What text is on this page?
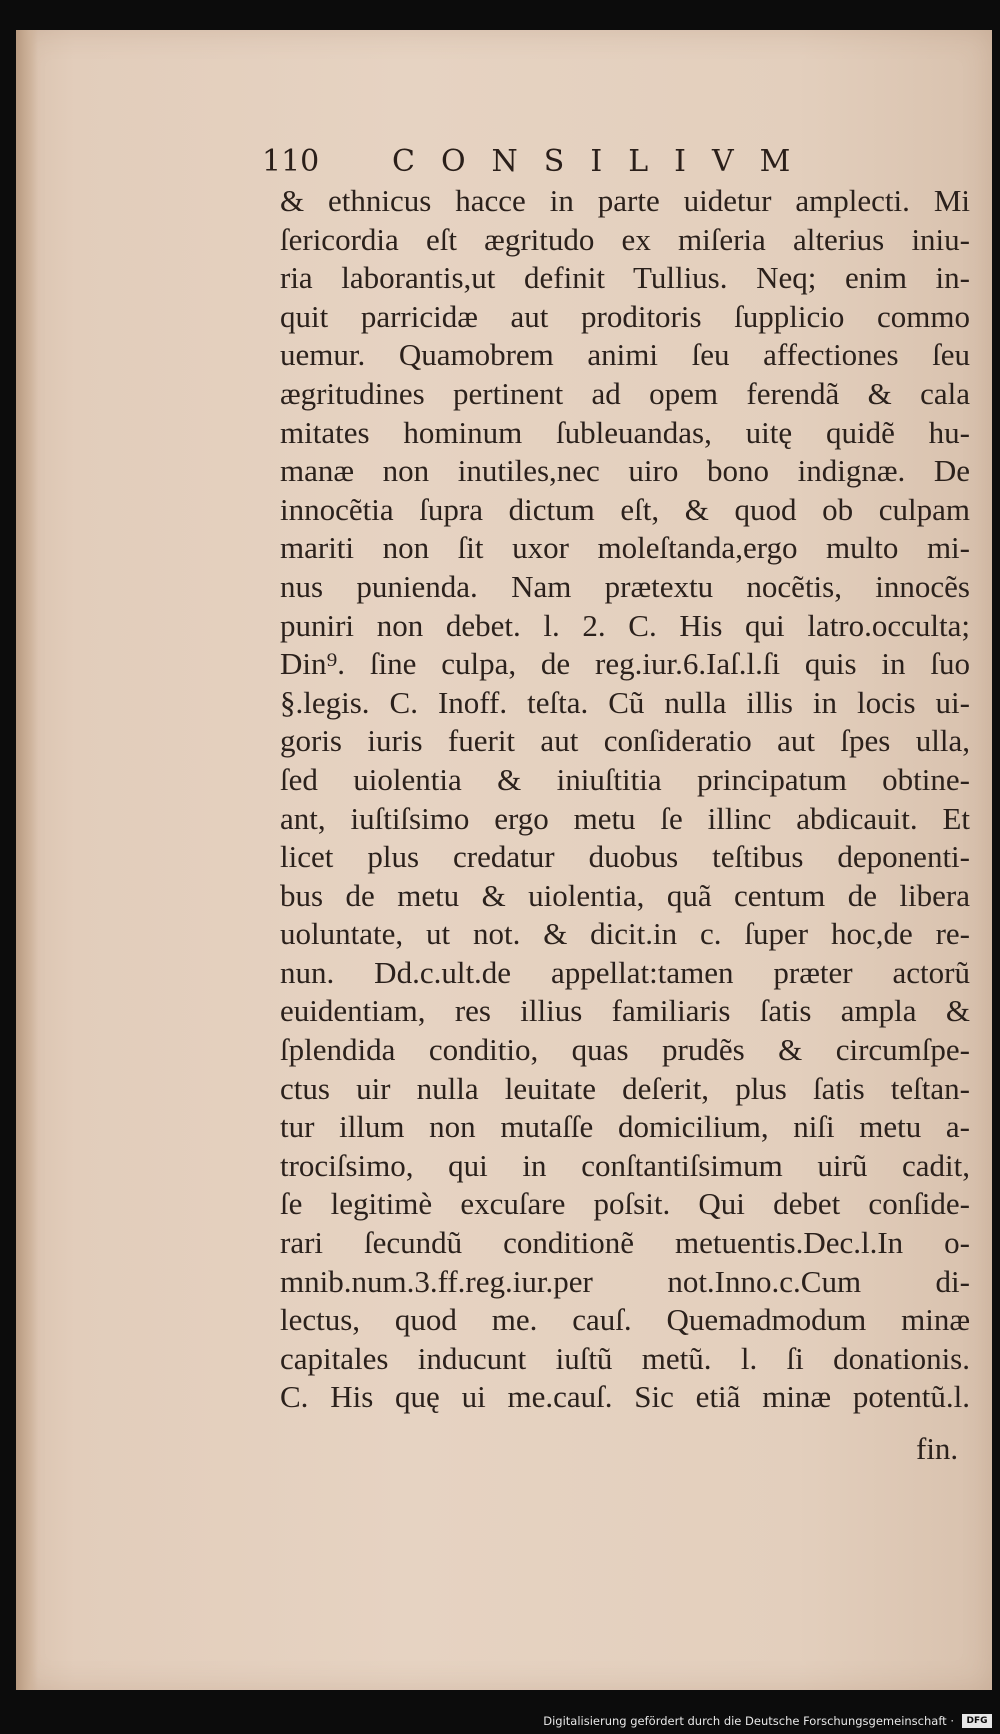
110 CONSILIVM
& ethnicus hacce in parte uidetur amplecti. Mi
ſericordia eſt ægritudo ex miſeria alterius iniu-
ria laborantis,ut definit Tullius. Neq; enim in-
quit parricidæ aut proditoris ſupplicio commo
uemur. Quamobrem animi ſeu affectiones ſeu
ægritudines pertinent ad opem ferendã & cala
mitates hominum ſubleuandas, uitę quidẽ hu-
manæ non inutiles,nec uiro bono indignæ. De
innocẽtia ſupra dictum eſt, & quod ob culpam
mariti non ſit uxor moleſtanda,ergo multo mi-
nus punienda. Nam prætextu nocẽtis, innocẽs
puniri non debet. l. 2. C. His qui latro.occulta;
Din⁹. ſine culpa, de reg.iur.6.Iaſ.l.ſi quis in ſuo
§.legis. C. Inoff. teſta. Cũ nulla illis in locis ui-
goris iuris fuerit aut conſideratio aut ſpes ulla,
ſed uiolentia & iniuſtitia principatum obtine-
ant, iuſtiſsimo ergo metu ſe illinc abdicauit. Et
licet plus credatur duobus teſtibus deponenti-
bus de metu & uiolentia, quã centum de libera
uoluntate, ut not. & dicit.in c. ſuper hoc,de re-
nun. Dd.c.ult.de appellat:tamen præter actorũ
euidentiam, res illius familiaris ſatis ampla &
ſplendida conditio, quas prudẽs & circumſpe-
ctus uir nulla leuitate deſerit, plus ſatis teſtan-
tur illum non mutaſſe domicilium, niſi metu a-
trociſsimo, qui in conſtantiſsimum uirũ cadit,
ſe legitimè excuſare poſsit. Qui debet conſide-
rari ſecundũ conditionẽ metuentis.Dec.l.In o-
mnib.num.3.ff.reg.iur.per not.Inno.c.Cum di-
lectus, quod me. cauſ. Quemadmodum minæ
capitales inducunt iuſtũ metũ. l. ſi donationis.
C. His quę ui me.cauſ. Sic etiã minæ potentũ.l.
fin.
Digitalisierung gefördert durch die Deutsche Forschungsgemeinschaft ·	DFG
